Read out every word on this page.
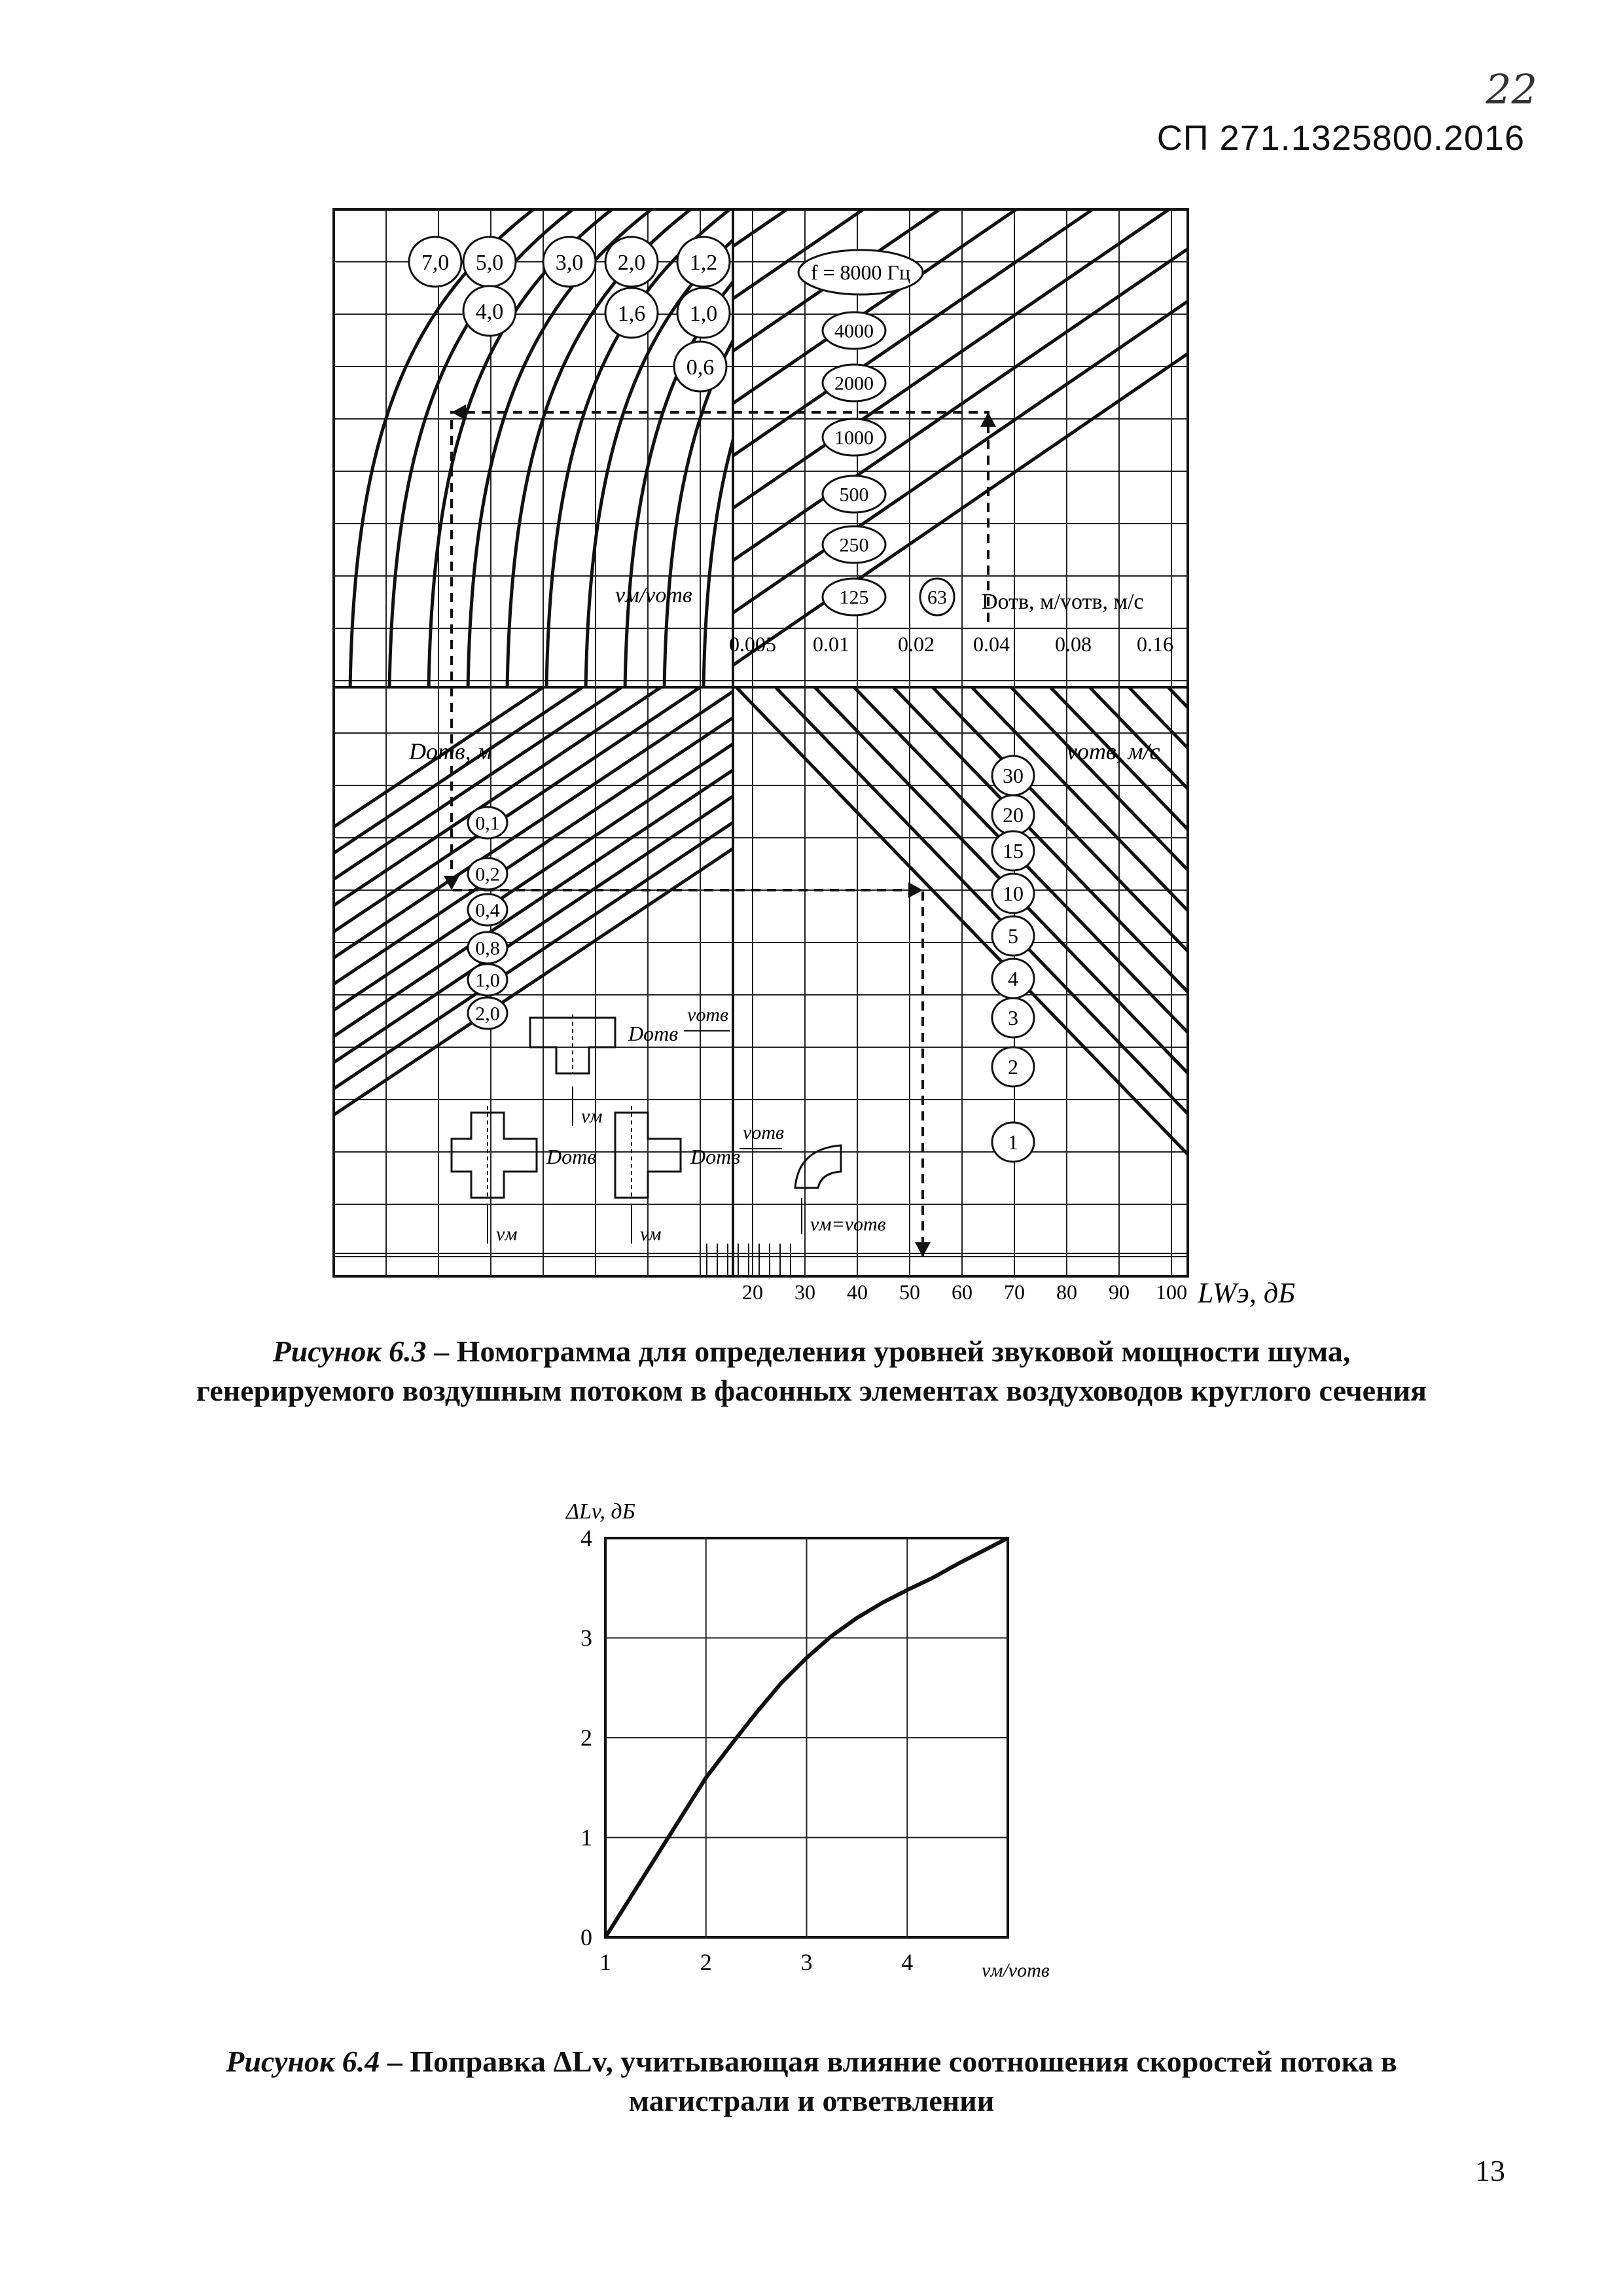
22
СП 271.1325800.2016
Dотв
vотв
vм
Dотв
vм
Dотв
vотв
vм	vм=vотв
7,0 5,0
4,0
3,0 2,0
1,6
1,2
1,0
0,6
f = 8000 Гц
4000
2000
1000
500
250
125	63
vм/vотв	Dотв, м/vотв, м/с
0.005 0.01 0.02 0.04 0.08 0.16
Dотв, м
0,1
0,2
0,4
0,8
1,0
2,0
vотв, м/с
30
20
15
10
5
4
3
2
1
20 30 40 50 60 70 80 90 100 LWэ, дБ
Рисунок 6.3 – Номограмма для определения уровней звуковой мощности шума, генерируемого воздушным потоком в фасонных элементах воздуховодов круглого сечения
0
1
2
3
4
1	2	3	4
ΔLv, дБ
vм/vотв
Рисунок 6.4 – Поправка ΔLv, учитывающая влияние соотношения скоростей потока в магистрали и ответвлении
13
